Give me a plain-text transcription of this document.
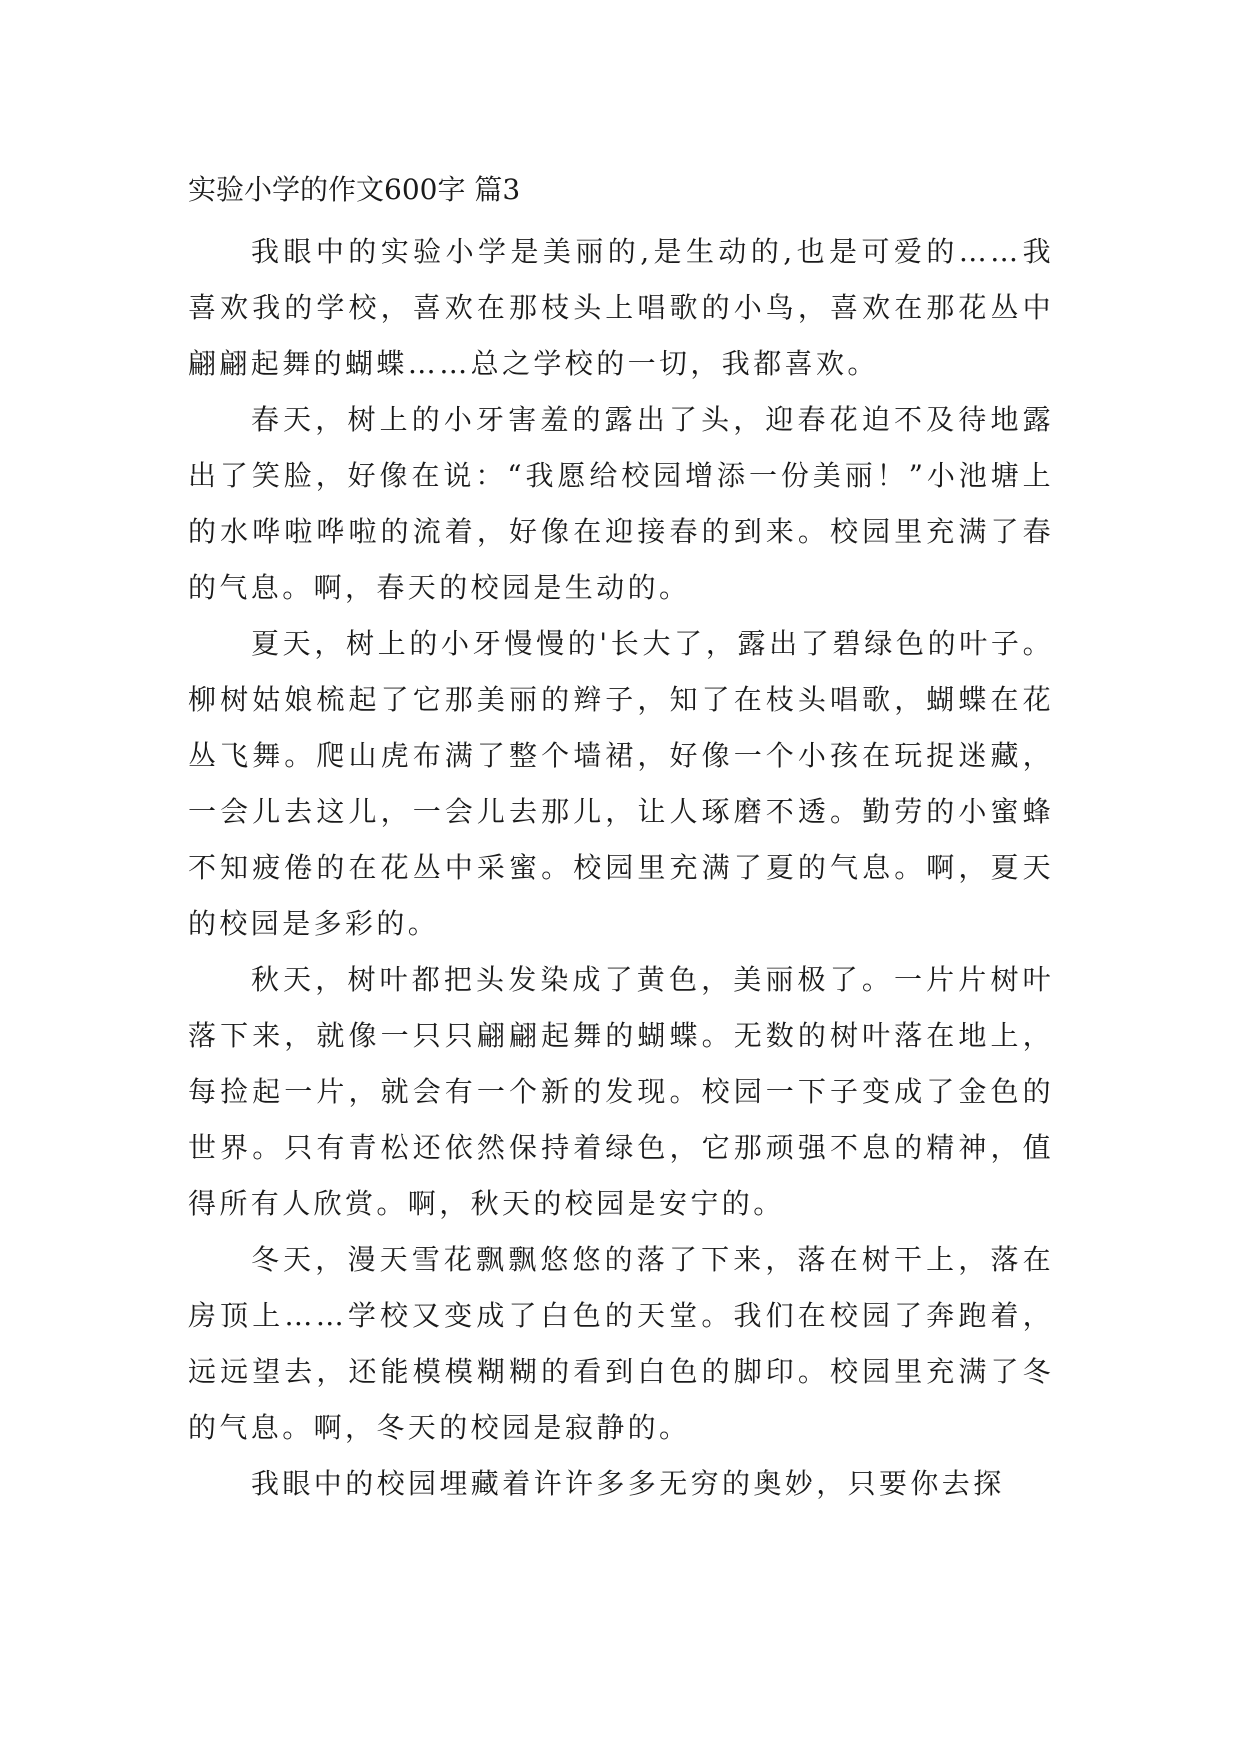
实验小学的作文600字 篇3

我眼中的实验小学是美丽的,是生动的,也是可爱的……我喜欢我的学校，喜欢在那枝头上唱歌的小鸟，喜欢在那花丛中翩翩起舞的蝴蝶……总之学校的一切，我都喜欢。

春天，树上的小牙害羞的露出了头，迎春花迫不及待地露出了笑脸，好像在说：“我愿给校园增添一份美丽！”小池塘上的水哗啦哗啦的流着，好像在迎接春的到来。校园里充满了春的气息。啊，春天的校园是生动的。

夏天，树上的小牙慢慢的'长大了，露出了碧绿色的叶子。柳树姑娘梳起了它那美丽的辫子，知了在枝头唱歌，蝴蝶在花丛飞舞。爬山虎布满了整个墙裙，好像一个小孩在玩捉迷藏，一会儿去这儿，一会儿去那儿，让人琢磨不透。勤劳的小蜜蜂不知疲倦的在花丛中采蜜。校园里充满了夏的气息。啊，夏天的校园是多彩的。

秋天，树叶都把头发染成了黄色，美丽极了。一片片树叶落下来，就像一只只翩翩起舞的蝴蝶。无数的树叶落在地上，每捡起一片，就会有一个新的发现。校园一下子变成了金色的世界。只有青松还依然保持着绿色，它那顽强不息的精神，值得所有人欣赏。啊，秋天的校园是安宁的。

冬天，漫天雪花飘飘悠悠的落了下来，落在树干上，落在房顶上……学校又变成了白色的天堂。我们在校园了奔跑着，远远望去，还能模模糊糊的看到白色的脚印。校园里充满了冬的气息。啊，冬天的校园是寂静的。

我眼中的校园埋藏着许许多多无穷的奥妙，只要你去探
